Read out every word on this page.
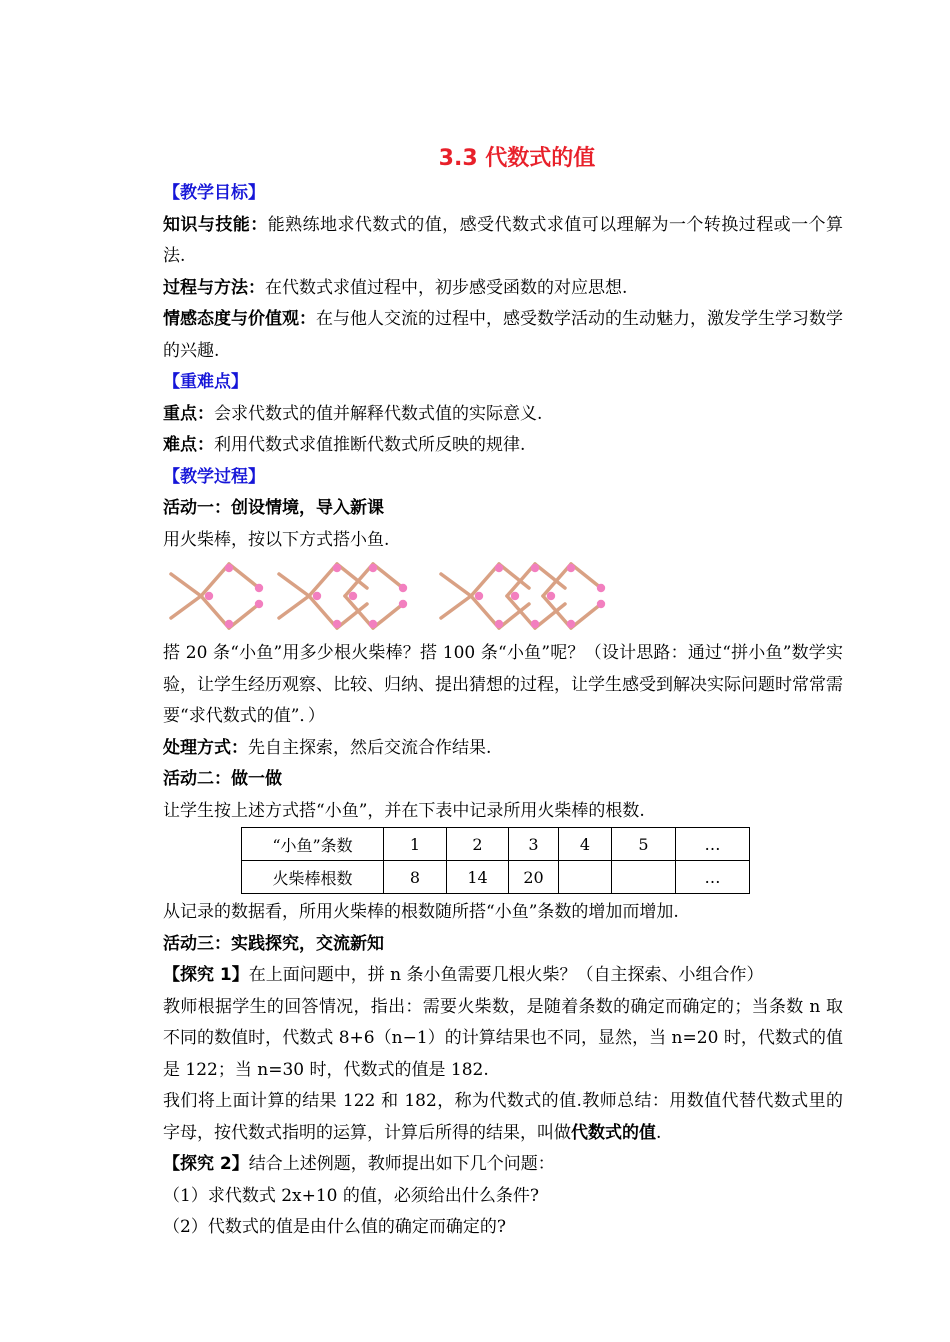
3.3 代数式的值
【教学目标】
知识与技能：能熟练地求代数式的值，感受代数式求值可以理解为一个转换过程或一个算法.
过程与方法：在代数式求值过程中，初步感受函数的对应思想.
情感态度与价值观：在与他人交流的过程中，感受数学活动的生动魅力，激发学生学习数学的兴趣.
【重难点】
重点：会求代数式的值并解释代数式值的实际意义.
难点：利用代数式求值推断代数式所反映的规律.
【教学过程】
活动一：创设情境，导入新课
用火柴棒，按以下方式搭小鱼.
搭 20 条“小鱼”用多少根火柴棒？搭 100 条“小鱼”呢？（设计思路：通过“拼小鱼”数学实验，让学生经历观察、比较、归纳、提出猜想的过程，让学生感受到解决实际问题时常常需要“求代数式的值”．）
处理方式：先自主探索，然后交流合作结果.
活动二：做一做
让学生按上述方式搭“小鱼”，并在下表中记录所用火柴棒的根数.
“小鱼”条数	1	2	3	4	5	…
火柴棒根数	8	14	20			…
从记录的数据看，所用火柴棒的根数随所搭“小鱼”条数的增加而增加.
活动三：实践探究，交流新知
【探究 1】在上面问题中，拼 n 条小鱼需要几根火柴？（自主探索、小组合作）
教师根据学生的回答情况，指出：需要火柴数，是随着条数的确定而确定的；当条数 n 取不同的数值时，代数式 8+6（n−1）的计算结果也不同，显然，当 n=20 时，代数式的值是 122；当 n=30 时，代数式的值是 182.
我们将上面计算的结果 122 和 182，称为代数式的值.教师总结：用数值代替代数式里的字母，按代数式指明的运算，计算后所得的结果，叫做代数式的值.
【探究 2】结合上述例题，教师提出如下几个问题：
（1）求代数式 2x+10 的值，必须给出什么条件?
（2）代数式的值是由什么值的确定而确定的?
